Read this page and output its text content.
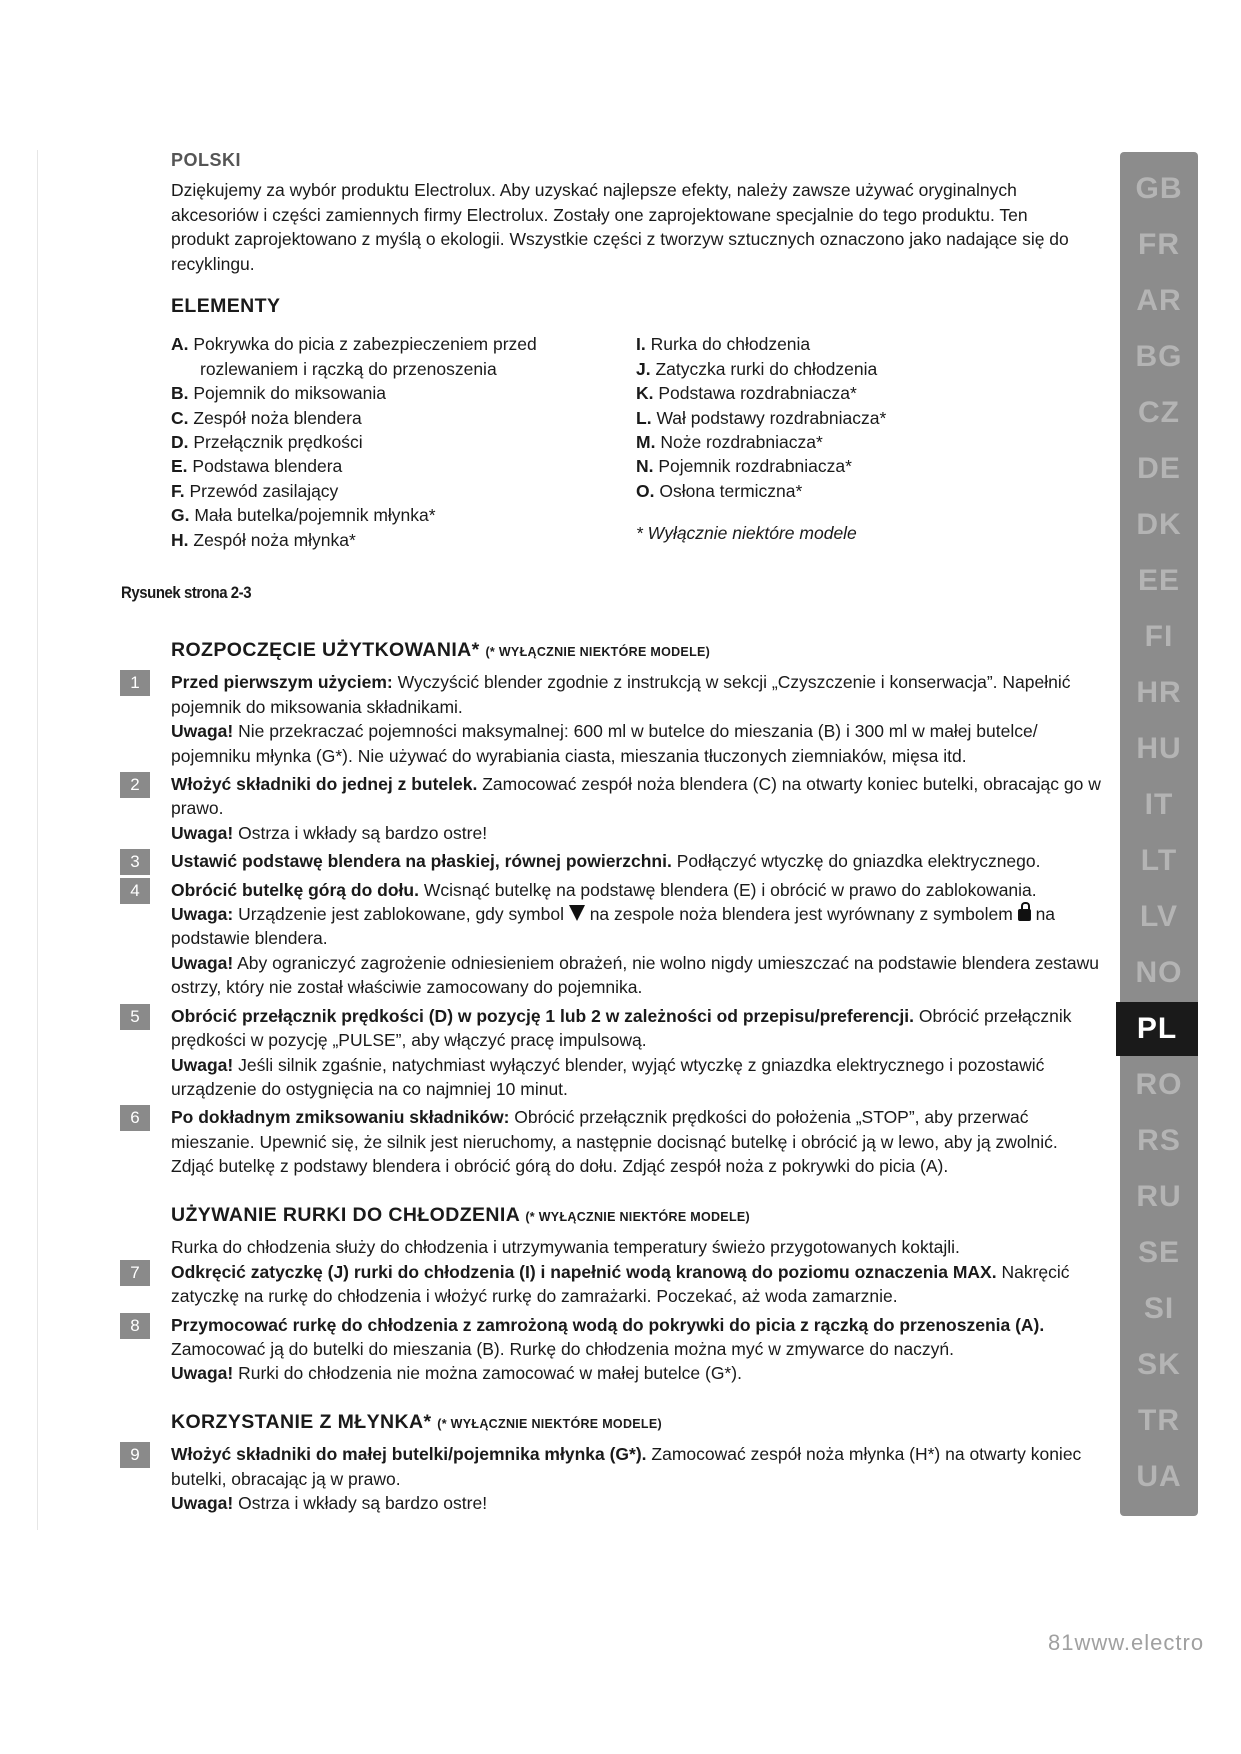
POLSKI

Dziękujemy za wybór produktu Electrolux. Aby uzyskać najlepsze efekty, należy zawsze używać oryginalnych akcesoriów i części zamiennych firmy Electrolux. Zostały one zaprojektowane specjalnie do tego produktu. Ten produkt zaprojektowano z myślą o ekologii. Wszystkie części z tworzyw sztucznych oznaczono jako nadające się do recyklingu.

ELEMENTY
A. Pokrywka do picia z zabezpieczeniem przed
rozlewaniem i rączką do przenoszenia
B. Pojemnik do miksowania
C. Zespół noża blendera
D. Przełącznik prędkości
E. Podstawa blendera
F. Przewód zasilający
G. Mała butelka/pojemnik młynka*
H. Zespół noża młynka*
I. Rurka do chłodzenia
J. Zatyczka rurki do chłodzenia
K. Podstawa rozdrabniacza*
L. Wał podstawy rozdrabniacza*
M. Noże rozdrabniacza*
N. Pojemnik rozdrabniacza*
O. Osłona termiczna*
* Wyłącznie niektóre modele
Rysunek strona 2-3
ROZPOCZĘCIE UŻYTKOWANIA* (* WYŁĄCZNIE NIEKTÓRE MODELE)
1	Przed pierwszym użyciem: Wyczyścić blender zgodnie z instrukcją w sekcji „Czyszczenie i konserwacja”. Napełnić pojemnik do miksowania składnikami.

Uwaga! Nie przekraczać pojemności maksymalnej: 600 ml w butelce do mieszania (B) i 300 ml w małej butelce/ pojemniku młynka (G*). Nie używać do wyrabiania ciasta, mieszania tłuczonych ziemniaków, mięsa itd.

2	Włożyć składniki do jednej z butelek. Zamocować zespół noża blendera (C) na otwarty koniec butelki, obracając go w prawo.

Uwaga! Ostrza i wkłady są bardzo ostre!

3	Ustawić podstawę blendera na płaskiej, równej powierzchni. Podłączyć wtyczkę do gniazdka elektrycznego.

4	Obrócić butelkę górą do dołu. Wcisnąć butelkę na podstawę blendera (E) i obrócić w prawo do zablokowania.

Uwaga: Urządzenie jest zablokowane, gdy symbol  na zespole noża blendera jest wyrównany z symbolem  na podstawie blendera.

Uwaga! Aby ograniczyć zagrożenie odniesieniem obrażeń, nie wolno nigdy umieszczać na podstawie blendera zestawu ostrzy, który nie został właściwie zamocowany do pojemnika.

5	Obrócić przełącznik prędkości (D) w pozycję 1 lub 2 w zależności od przepisu/preferencji. Obrócić przełącznik prędkości w pozycję „PULSE”, aby włączyć pracę impulsową.

Uwaga! Jeśli silnik zgaśnie, natychmiast wyłączyć blender, wyjąć wtyczkę z gniazdka elektrycznego i pozostawić urządzenie do ostygnięcia na co najmniej 10 minut.

6	Po dokładnym zmiksowaniu składników: Obrócić przełącznik prędkości do położenia „STOP”, aby przerwać mieszanie. Upewnić się, że silnik jest nieruchomy, a następnie docisnąć butelkę i obrócić ją w lewo, aby ją zwolnić. Zdjąć butelkę z podstawy blendera i obrócić górą do dołu. Zdjąć zespół noża z pokrywki do picia (A).

UŻYWANIE RURKI DO CHŁODZENIA (* WYŁĄCZNIE NIEKTÓRE MODELE)

Rurka do chłodzenia służy do chłodzenia i utrzymywania temperatury świeżo przygotowanych koktajli.

7	Odkręcić zatyczkę (J) rurki do chłodzenia (I) i napełnić wodą kranową do poziomu oznaczenia MAX. Nakręcić zatyczkę na rurkę do chłodzenia i włożyć rurkę do zamrażarki. Poczekać, aż woda zamarznie.

8	Przymocować rurkę do chłodzenia z zamrożoną wodą do pokrywki do picia z rączką do przenoszenia (A). Zamocować ją do butelki do mieszania (B). Rurkę do chłodzenia można myć w zmywarce do naczyń.

Uwaga! Rurki do chłodzenia nie można zamocować w małej butelce (G*).

KORZYSTANIE Z MŁYNKA* (* WYŁĄCZNIE NIEKTÓRE MODELE)
9	Włożyć składniki do małej butelki/pojemnika młynka (G*). Zamocować zespół noża młynka (H*) na otwarty koniec butelki, obracając ją w prawo.

Uwaga! Ostrza i wkłady są bardzo ostre!

GB
FR
AR
BG
CZ
DE
DK
EE
FI
HR
HU
IT
LT
LV
NO
PL
RO
RS
RU
SE
SI
SK
TR
UA
81www.electro
